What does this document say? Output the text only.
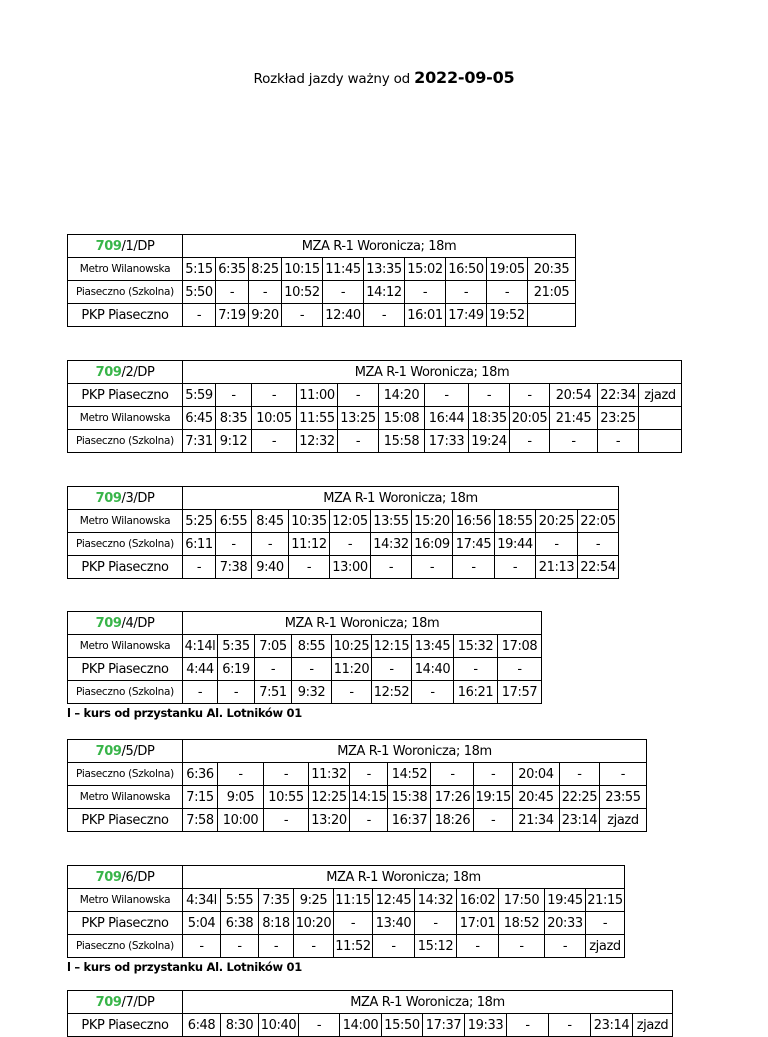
Rozkład jazdy ważny od 2022-09-05
709/1/DP	MZA R-1 Woronicza; 18m									
Metro Wilanowska	5:15	6:35	8:25	10:15	11:45	13:35	15:02	16:50	19:05	20:35
Piaseczno (Szkolna)	5:50	-	-	10:52	-	14:12	-	-	-	21:05
PKP Piaseczno	-	7:19	9:20	-	12:40	-	16:01	17:49	19:52	
709/2/DP	MZA R-1 Woronicza; 18m											
PKP Piaseczno	5:59	-	-	11:00	-	14:20	-	-	-	20:54	22:34	zjazd
Metro Wilanowska	6:45	8:35	10:05	11:55	13:25	15:08	16:44	18:35	20:05	21:45	23:25	
Piaseczno (Szkolna)	7:31	9:12	-	12:32	-	15:58	17:33	19:24	-	-	-	
709/3/DP	MZA R-1 Woronicza; 18m										
Metro Wilanowska	5:25	6:55	8:45	10:35	12:05	13:55	15:20	16:56	18:55	20:25	22:05
Piaseczno (Szkolna)	6:11	-	-	11:12	-	14:32	16:09	17:45	19:44	-	-
PKP Piaseczno	-	7:38	9:40	-	13:00	-	-	-	-	21:13	22:54
709/4/DP	MZA R-1 Woronicza; 18m								
Metro Wilanowska	4:14l	5:35	7:05	8:55	10:25	12:15	13:45	15:32	17:08
PKP Piaseczno	4:44	6:19	-	-	11:20	-	14:40	-	-
Piaseczno (Szkolna)	-	-	7:51	9:32	-	12:52	-	16:21	17:57
l – kurs od przystanku Al. Lotników 01
709/5/DP	MZA R-1 Woronicza; 18m										
Piaseczno (Szkolna)	6:36	-	-	11:32	-	14:52	-	-	20:04	-	-
Metro Wilanowska	7:15	9:05	10:55	12:25	14:15	15:38	17:26	19:15	20:45	22:25	23:55
PKP Piaseczno	7:58	10:00	-	13:20	-	16:37	18:26	-	21:34	23:14	zjazd
709/6/DP	MZA R-1 Woronicza; 18m										
Metro Wilanowska	4:34l	5:55	7:35	9:25	11:15	12:45	14:32	16:02	17:50	19:45	21:15
PKP Piaseczno	5:04	6:38	8:18	10:20	-	13:40	-	17:01	18:52	20:33	-
Piaseczno (Szkolna)	-	-	-	-	11:52	-	15:12	-	-	-	zjazd
l – kurs od przystanku Al. Lotników 01
709/7/DP	MZA R-1 Woronicza; 18m											
PKP Piaseczno	6:48	8:30	10:40	-	14:00	15:50	17:37	19:33	-	-	23:14	zjazd
